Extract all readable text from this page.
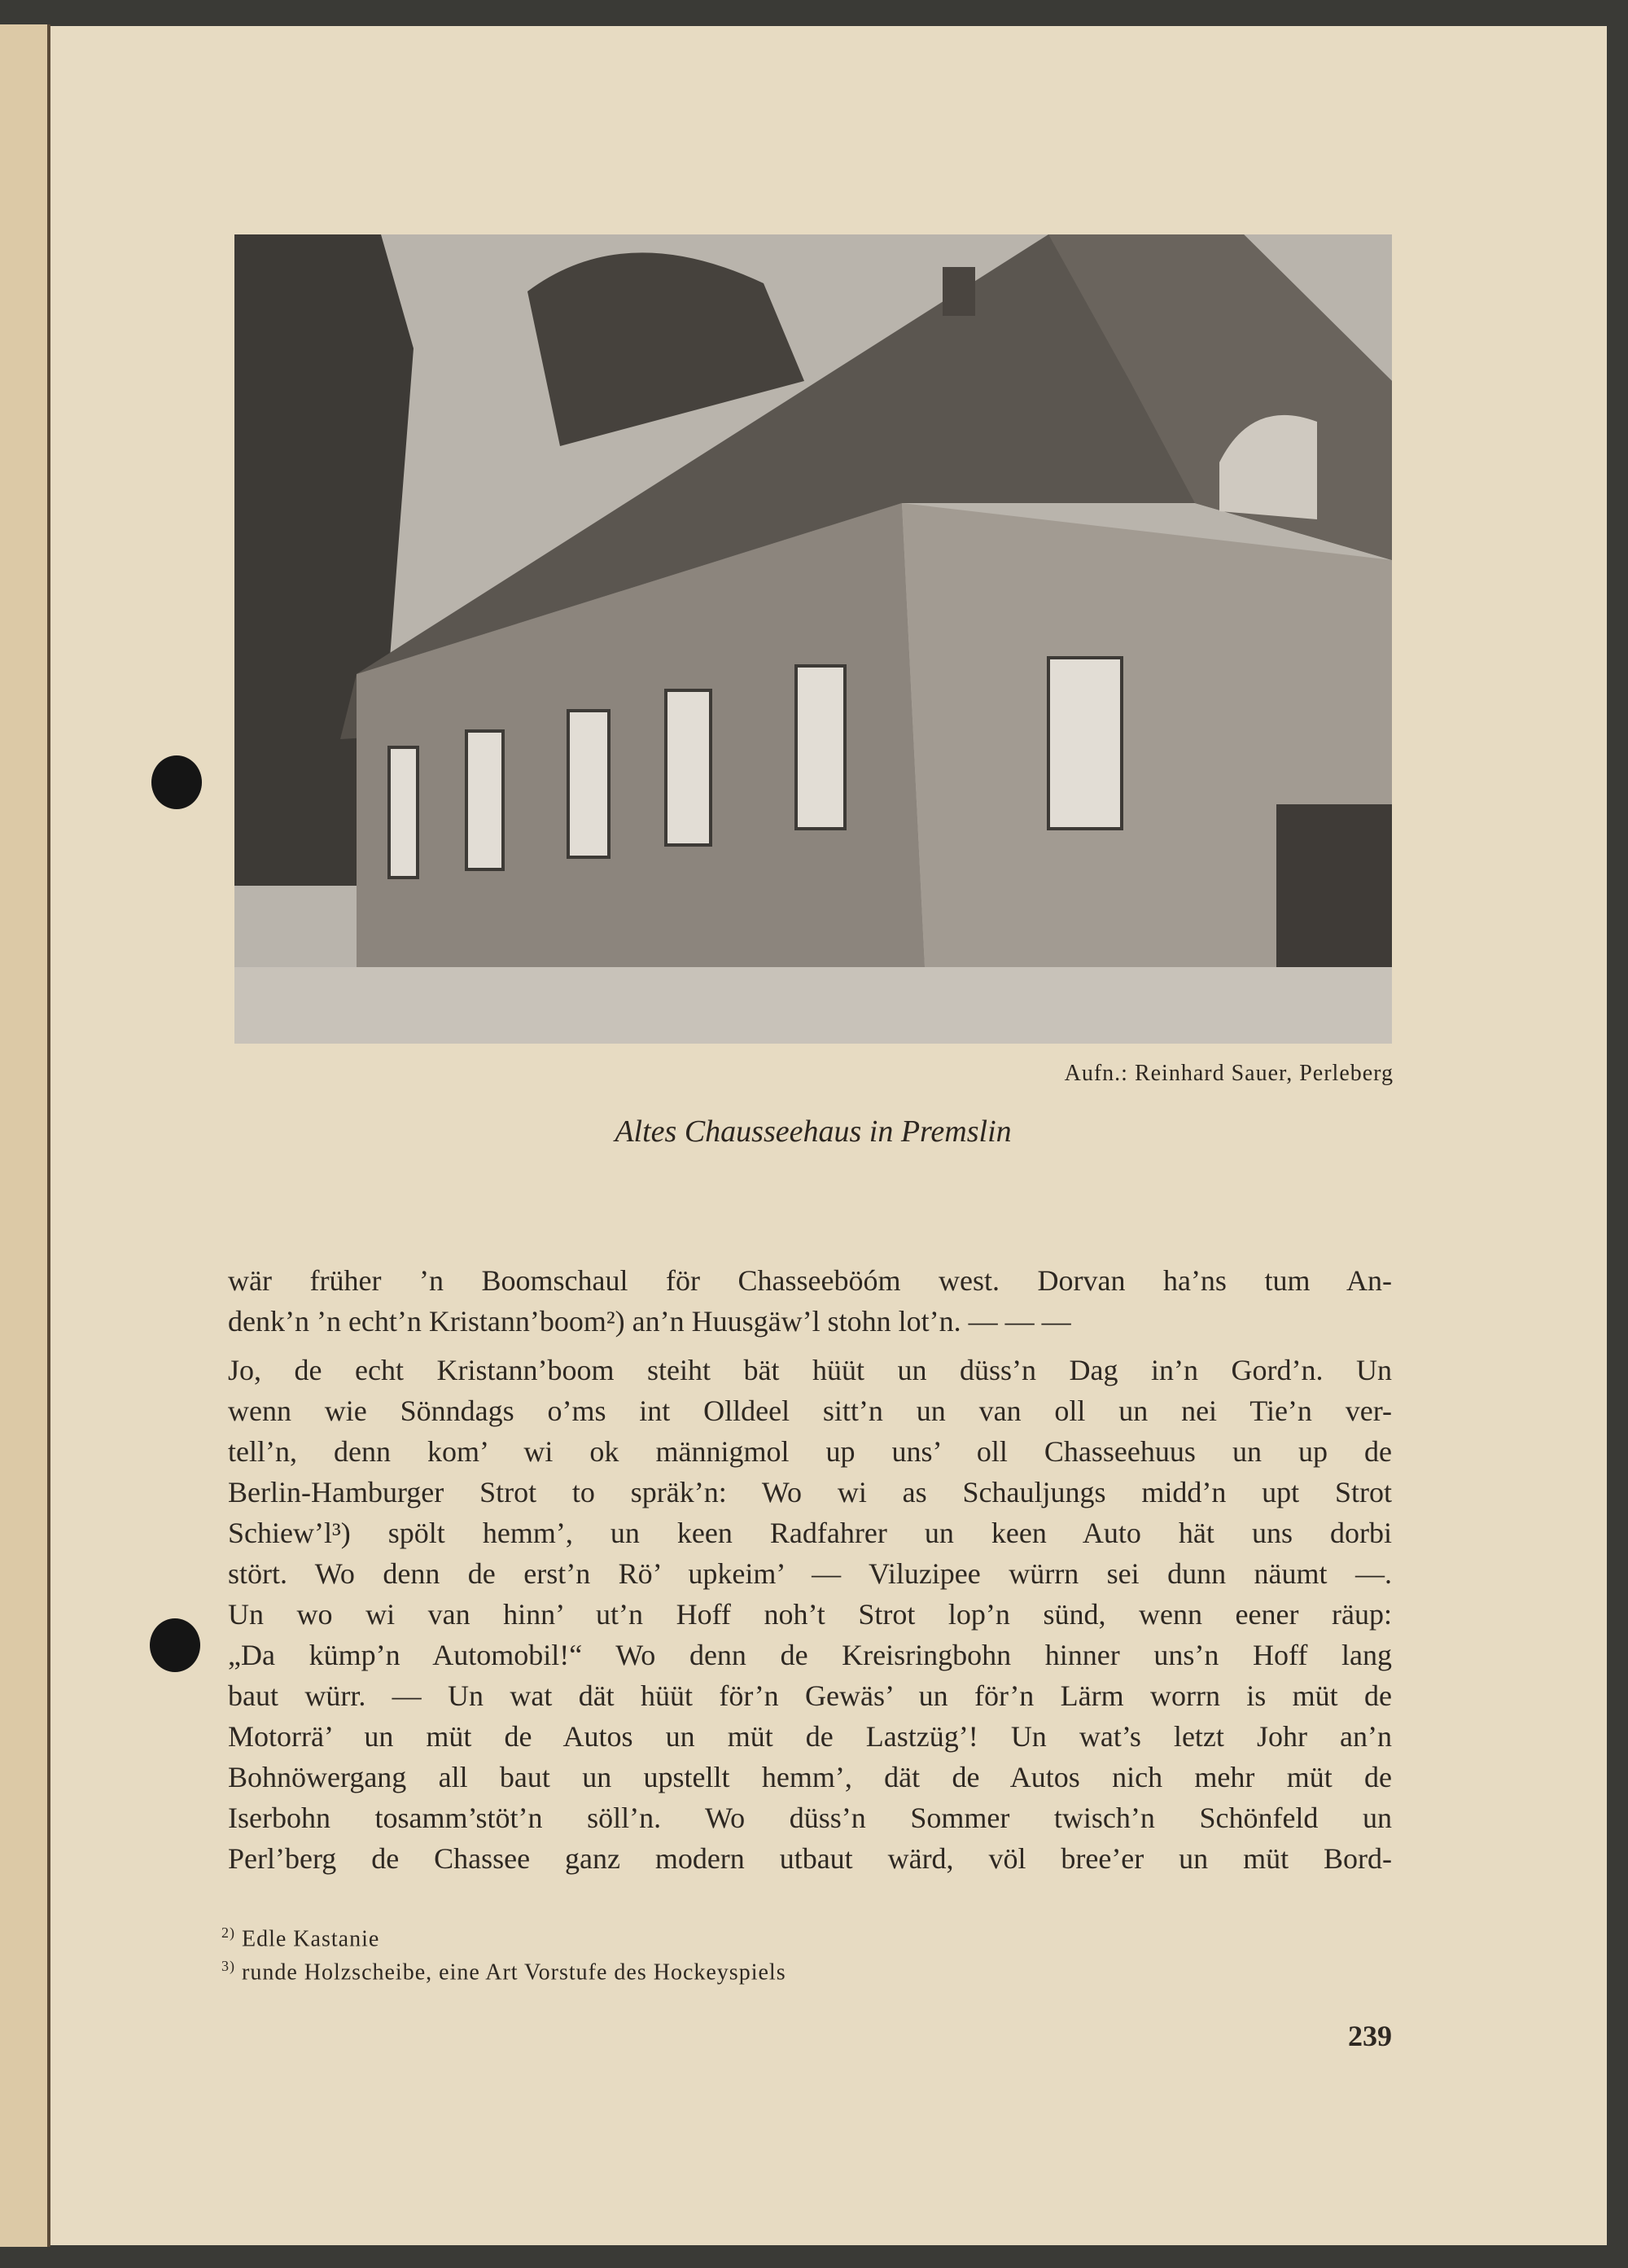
Aufn.: Reinhard Sauer, Perleberg
Altes Chausseehaus in Premslin
wär früher ’n Boomschaul för Chasseeböóm west. Dorvan ha’ns tum An-
denk’n ’n echt’n Kristann’boom²) an’n Huusgäw’l stohn lot’n. — — —
Jo, de echt Kristann’boom steiht bät hüüt un düss’n Dag in’n Gord’n. Un
wenn wie Sönndags o’ms int Olldeel sitt’n un van oll un nei Tie’n ver-
tell’n, denn kom’ wi ok männigmol up uns’ oll Chasseehuus un up de
Berlin-Hamburger Strot to spräk’n: Wo wi as Schauljungs midd’n upt Strot
Schiew’l³) spölt hemm’, un keen Radfahrer un keen Auto hät uns dorbi
stört. Wo denn de erst’n Rö’ upkeim’ — Viluzipee würrn sei dunn näumt —.
Un wo wi van hinn’ ut’n Hoff noh’t Strot lop’n sünd, wenn eener räup:
„Da kümp’n Automobil!“ Wo denn de Kreisringbohn hinner uns’n Hoff lang
baut würr. — Un wat dät hüüt för’n Gewäs’ un för’n Lärm worrn is müt de
Motorrä’ un müt de Autos un müt de Lastzüg’! Un wat’s letzt Johr an’n
Bohnöwergang all baut un upstellt hemm’, dät de Autos nich mehr müt de
Iserbohn tosamm’stöt’n söll’n. Wo düss’n Sommer twisch’n Schönfeld un
Perl’berg de Chassee ganz modern utbaut wärd, völ bree’er un müt Bord-
$^{2)}$ Edle Kastanie
$^{3)}$ runde Holzscheibe, eine Art Vorstufe des Hockeyspiels
239
